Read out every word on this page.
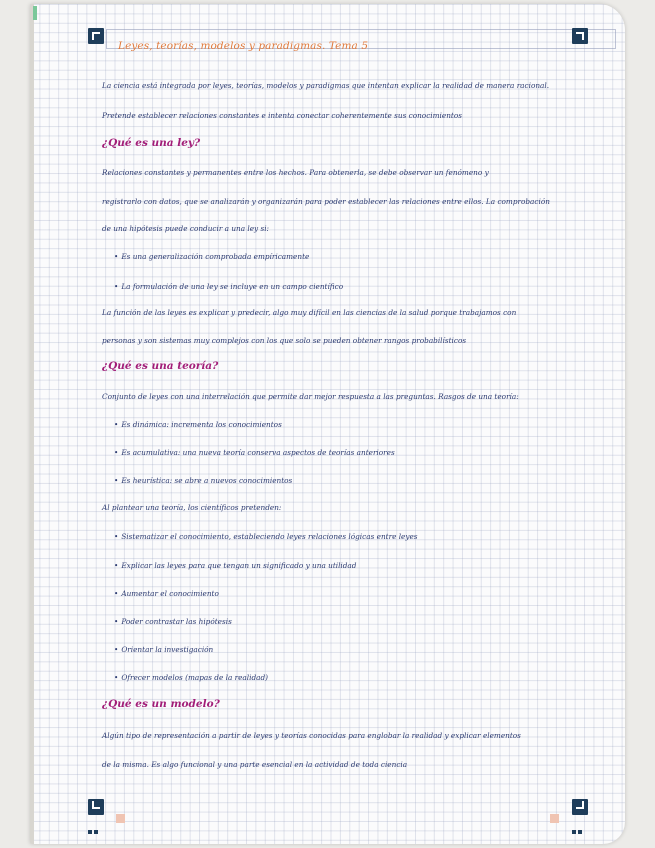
Leyes, teorías, modelos y paradigmas. Tema 5
La ciencia está integrada por leyes, teorías, modelos y paradigmas que intentan explicar la realidad de manera racional.
Pretende establecer relaciones constantes e intenta conectar coherentemente sus conocimientos
¿Qué es una ley?
Relaciones constantes y permanentes entre los hechos. Para obtenerla, se debe observar un fenómeno y
registrarlo con datos, que se analizarán y organizarán para poder establecer las relaciones entre ellos. La comprobación
de una hipótesis puede conducir a una ley si:
• Es una generalización comprobada empíricamente
• La formulación de una ley se incluye en un campo científico
La función de las leyes es explicar y predecir, algo muy difícil en las ciencias de la salud porque trabajamos con
personas y son sistemas muy complejos con los que solo se pueden obtener rangos probabilísticos
¿Qué es una teoría?
Conjunto de leyes con una interrelación que permite dar mejor respuesta a las preguntas. Rasgos de una teoría:
• Es dinámica: incrementa los conocimientos
• Es acumulativa: una nueva teoría conserva aspectos de teorías anteriores
• Es heurística: se abre a nuevos conocimientos
Al plantear una teoría, los científicos pretenden:
• Sistematizar el conocimiento, estableciendo leyes relaciones lógicas entre leyes
• Explicar las leyes para que tengan un significado y una utilidad
• Aumentar el conocimiento
• Poder contrastar las hipótesis
• Orientar la investigación
• Ofrecer modelos (mapas de la realidad)
¿Qué es un modelo?
Algún tipo de representación a partir de leyes y teorías conocidas para englobar la realidad y explicar elementos
de la misma. Es algo funcional y una parte esencial en la actividad de toda ciencia
